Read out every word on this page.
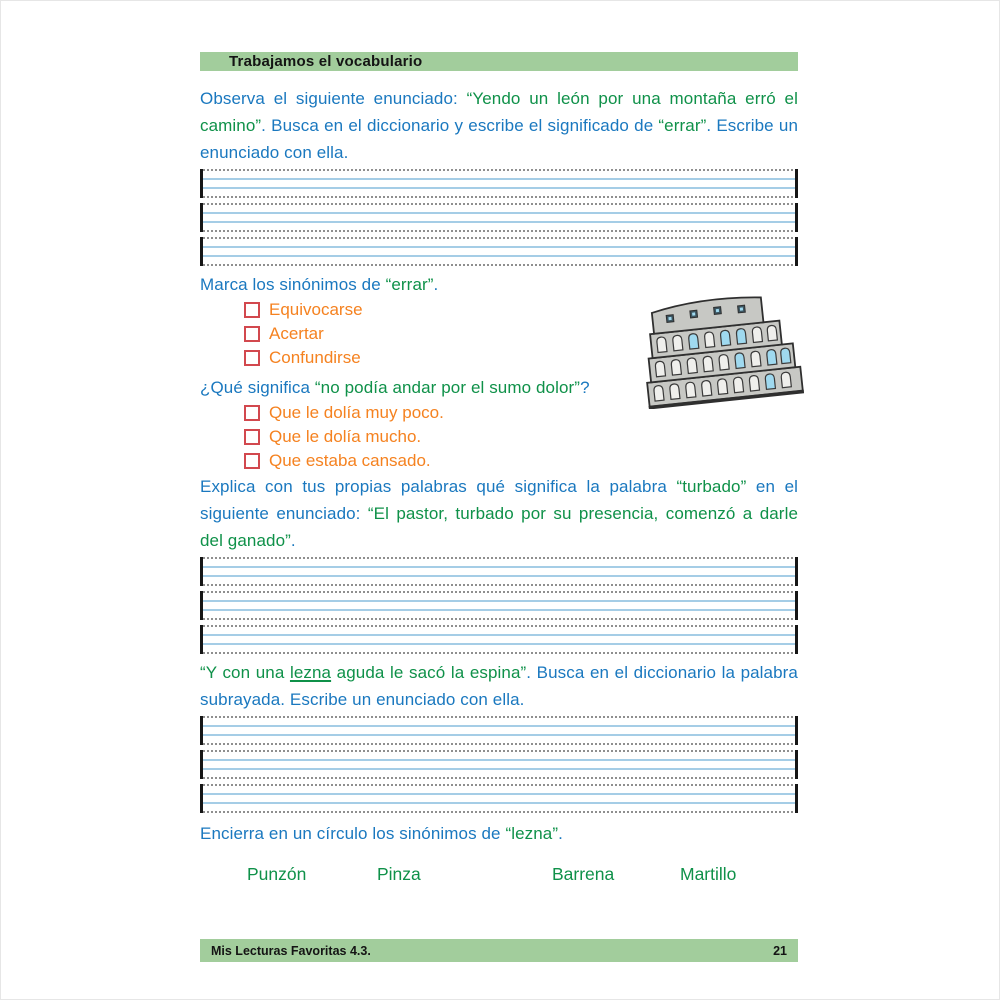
Trabajamos el vocabulario

Observa el siguiente enunciado: “Yendo un león por una montaña erró el camino”. Busca en el diccionario y escribe el significado de “errar”. Escribe un enunciado con ella.

Marca los sinónimos de “errar”.

Equivocarse
Acertar
Confundirse

¿Qué significa “no podía andar por el sumo dolor”?

Que le dolía muy poco.
Que le dolía mucho.
Que estaba cansado.

Explica con tus propias palabras qué significa la palabra “turbado” en el siguiente enunciado: “El pastor, turbado por su presencia, comenzó a darle del ganado”.

“Y con una lezna aguda le sacó la espina”. Busca en el diccionario la palabra subrayada. Escribe un enunciado con ella.

Encierra en un círculo los sinónimos de “lezna”.

Punzón	Pinza	Barrena	Martillo
Mis Lecturas Favoritas 4.3.	21
